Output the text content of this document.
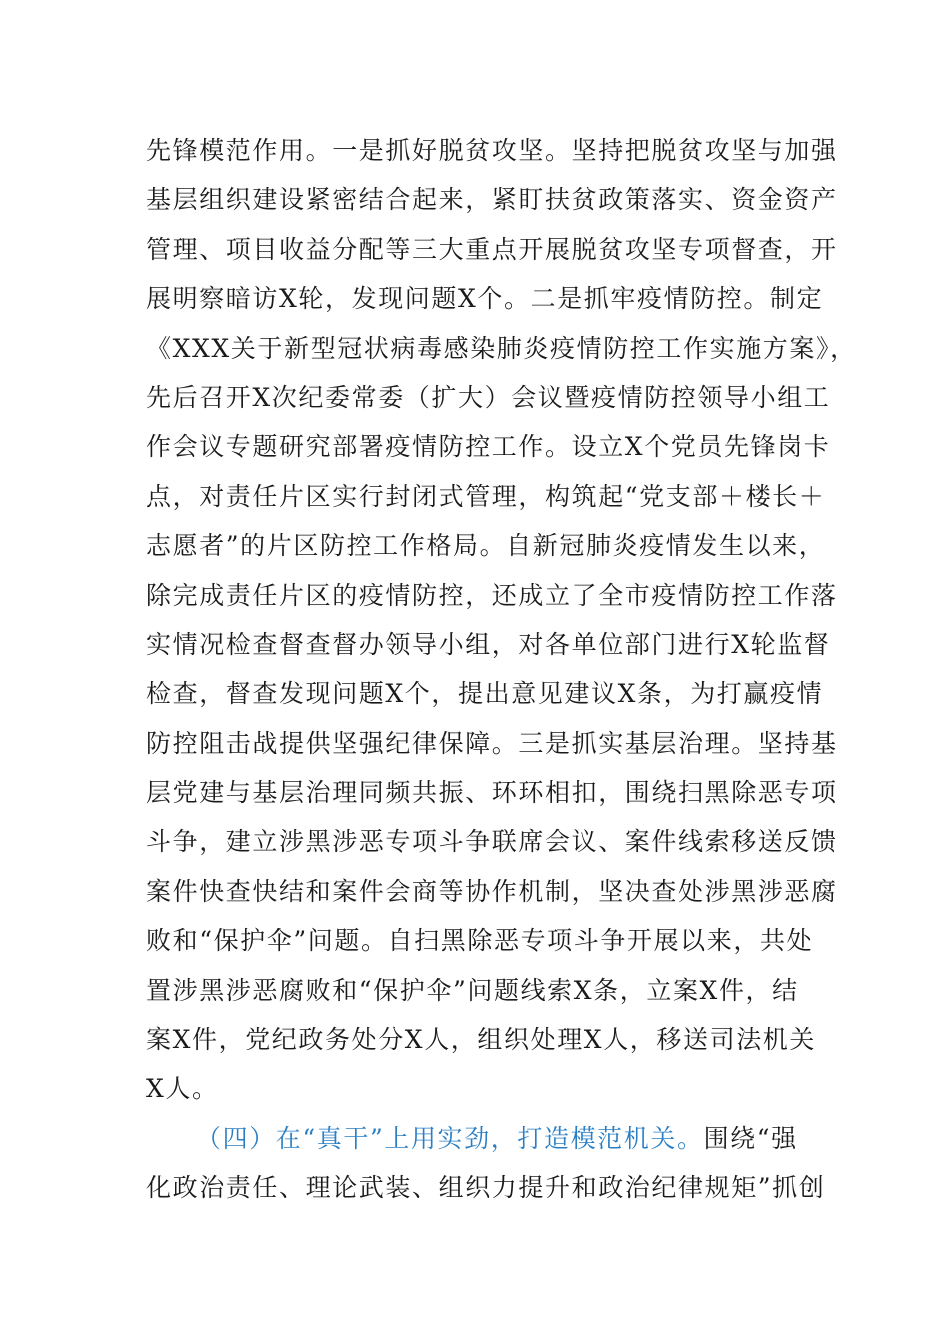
先锋模范作用。一是抓好脱贫攻坚。坚持把脱贫攻坚与加强
基层组织建设紧密结合起来，紧盯扶贫政策落实、资金资产
管理、项目收益分配等三大重点开展脱贫攻坚专项督查，开
展明察暗访X轮，发现问题X个。二是抓牢疫情防控。制定
《XXX关于新型冠状病毒感染肺炎疫情防控工作实施方案》，
先后召开X次纪委常委（扩大）会议暨疫情防控领导小组工
作会议专题研究部署疫情防控工作。设立X个党员先锋岗卡
点，对责任片区实行封闭式管理，构筑起“党支部＋楼长＋
志愿者”的片区防控工作格局。自新冠肺炎疫情发生以来，
除完成责任片区的疫情防控，还成立了全市疫情防控工作落
实情况检查督查督办领导小组，对各单位部门进行X轮监督
检查，督查发现问题X个，提出意见建议X条，为打赢疫情
防控阻击战提供坚强纪律保障。三是抓实基层治理。坚持基
层党建与基层治理同频共振、环环相扣，围绕扫黑除恶专项
斗争，建立涉黑涉恶专项斗争联席会议、案件线索移送反馈
案件快查快结和案件会商等协作机制，坚决查处涉黑涉恶腐
败和“保护伞”问题。自扫黑除恶专项斗争开展以来，共处
置涉黑涉恶腐败和“保护伞”问题线索X条，立案X件，结
案X件，党纪政务处分X人，组织处理X人，移送司法机关
X人。
（四）在“真干”上用实劲，打造模范机关。围绕“强
化政治责任、理论武装、组织力提升和政治纪律规矩”抓创
